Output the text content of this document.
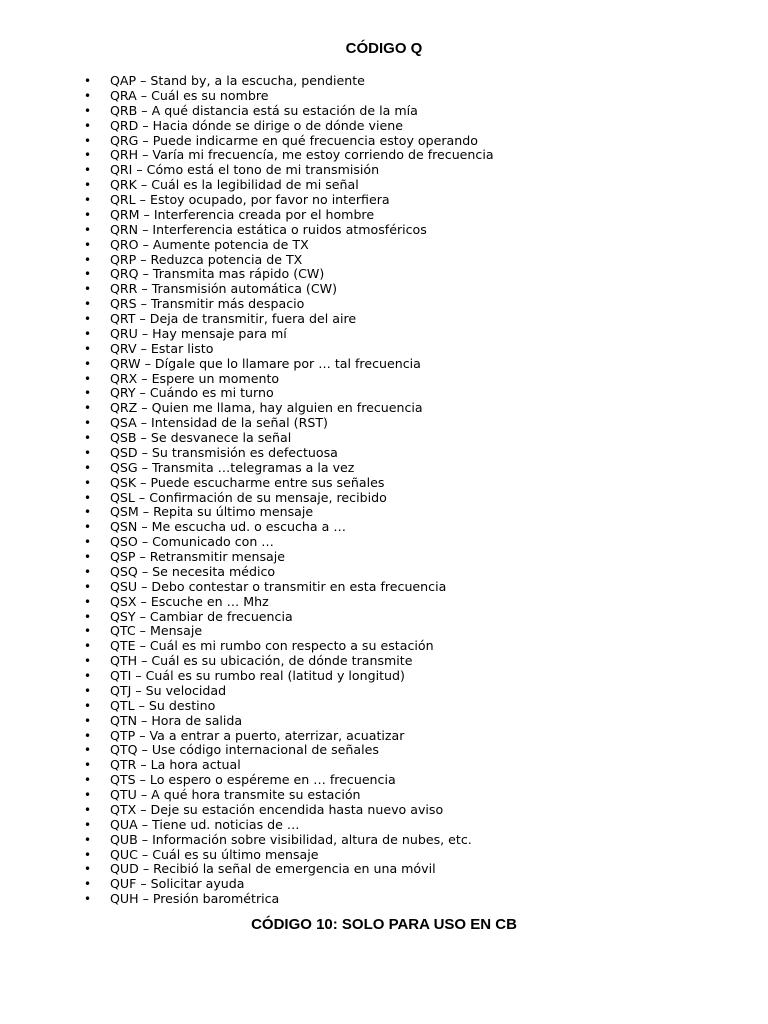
CÓDIGO Q
• QAP – Stand by, a la escucha, pendiente
• QRA – Cuál es su nombre
• QRB – A qué distancia está su estación de la mía
• QRD – Hacia dónde se dirige o de dónde viene
• QRG – Puede indicarme en qué frecuencia estoy operando
• QRH – Varía mi frecuencía, me estoy corriendo de frecuencia
• QRI – Cómo está el tono de mi transmisión
• QRK – Cuál es la legibilidad de mi señal
• QRL – Estoy ocupado, por favor no interfiera
• QRM – Interferencia creada por el hombre
• QRN – Interferencia estática o ruidos atmosféricos
• QRO – Aumente potencia de TX
• QRP – Reduzca potencia de TX
• QRQ – Transmita mas rápido (CW)
• QRR – Transmisión automática (CW)
• QRS – Transmitir más despacio
• QRT – Deja de transmitir, fuera del aire
• QRU – Hay mensaje para mí
• QRV – Estar listo
• QRW – Dígale que lo llamare por … tal frecuencia
• QRX – Espere un momento
• QRY – Cuándo es mi turno
• QRZ – Quien me llama, hay alguien en frecuencia
• QSA – Intensidad de la señal (RST)
• QSB – Se desvanece la señal
• QSD – Su transmisión es defectuosa
• QSG – Transmita …telegramas a la vez
• QSK – Puede escucharme entre sus señales
• QSL – Confirmación de su mensaje, recibido
• QSM – Repita su último mensaje
• QSN – Me escucha ud. o escucha a …
• QSO – Comunicado con …
• QSP – Retransmitir mensaje
• QSQ – Se necesita médico
• QSU – Debo contestar o transmitir en esta frecuencia
• QSX – Escuche en … Mhz
• QSY – Cambiar de frecuencia
• QTC – Mensaje
• QTE – Cuál es mi rumbo con respecto a su estación
• QTH – Cuál es su ubicación, de dónde transmite
• QTI – Cuál es su rumbo real (latitud y longitud)
• QTJ – Su velocidad
• QTL – Su destino
• QTN – Hora de salida
• QTP – Va a entrar a puerto, aterrizar, acuatizar
• QTQ – Use código internacional de señales
• QTR – La hora actual
• QTS – Lo espero o espéreme en … frecuencia
• QTU – A qué hora transmite su estación
• QTX – Deje su estación encendida hasta nuevo aviso
• QUA – Tiene ud. noticias de …
• QUB – Información sobre visibilidad, altura de nubes, etc.
• QUC – Cuál es su último mensaje
• QUD – Recibió la señal de emergencia en una móvil
• QUF – Solicitar ayuda
• QUH – Presión barométrica
CÓDIGO 10: SOLO PARA USO EN CB
